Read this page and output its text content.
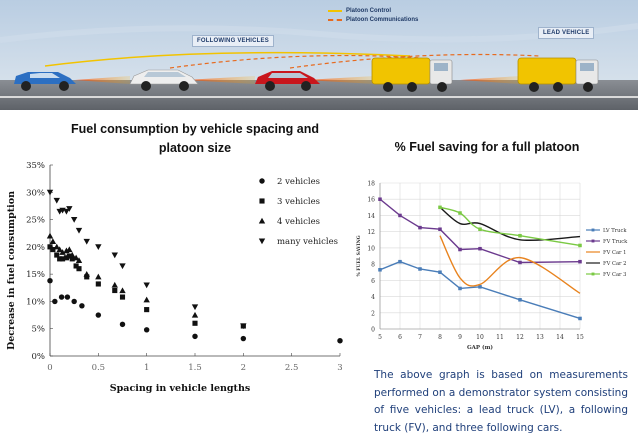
Platoon Control
Platoon Communications
FOLLOWING VEHICLES
LEAD VEHICLE
Fuel consumption by vehicle spacing and
platoon size
0%
5%
10%
15%
20%
25%
30%
35%
0	0.5	1	1.5	2	2.5	3
Spacing in vehicle lengths
Decrease in fuel consumption
2 vehicles
3 vehicles
4 vehicles
many vehicles
% Fuel saving for a full platoon
0
2
4
6
8
10
12
14
16
18
5	6	7	8	9 10 11 12 13 14 15
GAP (m)
% FUEL SAVING
LV Truck
FV Truck
FV Car 1
FV Car 2
FV Car 3
The above graph is based on measurements performed on a demonstrator system consisting of five vehicles: a lead truck (LV), a following truck (FV), and three following cars.
